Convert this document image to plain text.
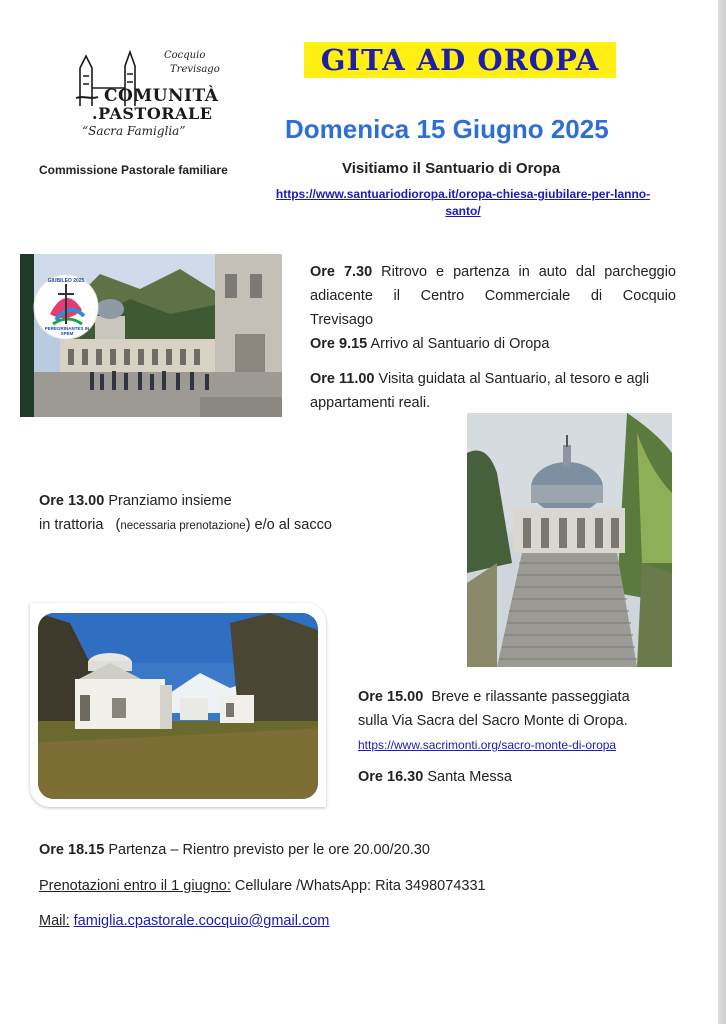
Cocquio
Trevisago
COMUNITÀ
.PASTORALE
“Sacra Famiglia”
GITA AD OROPA
Domenica 15 Giugno 2025
Commissione Pastorale familiare	Visitiamo il Santuario di Oropa
https://www.santuariodioropa.it/oropa-chiesa-giubilare-per-lanno-
santo/
GIUBILEO 2025
PEREGRINANTES IN SPEM
Ore 7.30 Ritrovo e partenza in auto dal parcheggio
adiacente il Centro Commerciale di Cocquio
Trevisago
Ore 9.15 Arrivo al Santuario di Oropa
Ore 11.00 Visita guidata al Santuario, al tesoro e agli
appartamenti reali.
Ore 13.00 Pranziamo insieme
in trattoria   (necessaria prenotazione) e/o al sacco
Ore 15.00  Breve e rilassante passeggiata
sulla Via Sacra del Sacro Monte di Oropa.
https://www.sacrimonti.org/sacro-monte-di-oropa
Ore 16.30 Santa Messa
Ore 18.15 Partenza – Rientro previsto per le ore 20.00/20.30
Prenotazioni entro il 1 giugno: Cellulare /WhatsApp: Rita 3498074331
Mail: famiglia.cpastorale.cocquio@gmail.com
